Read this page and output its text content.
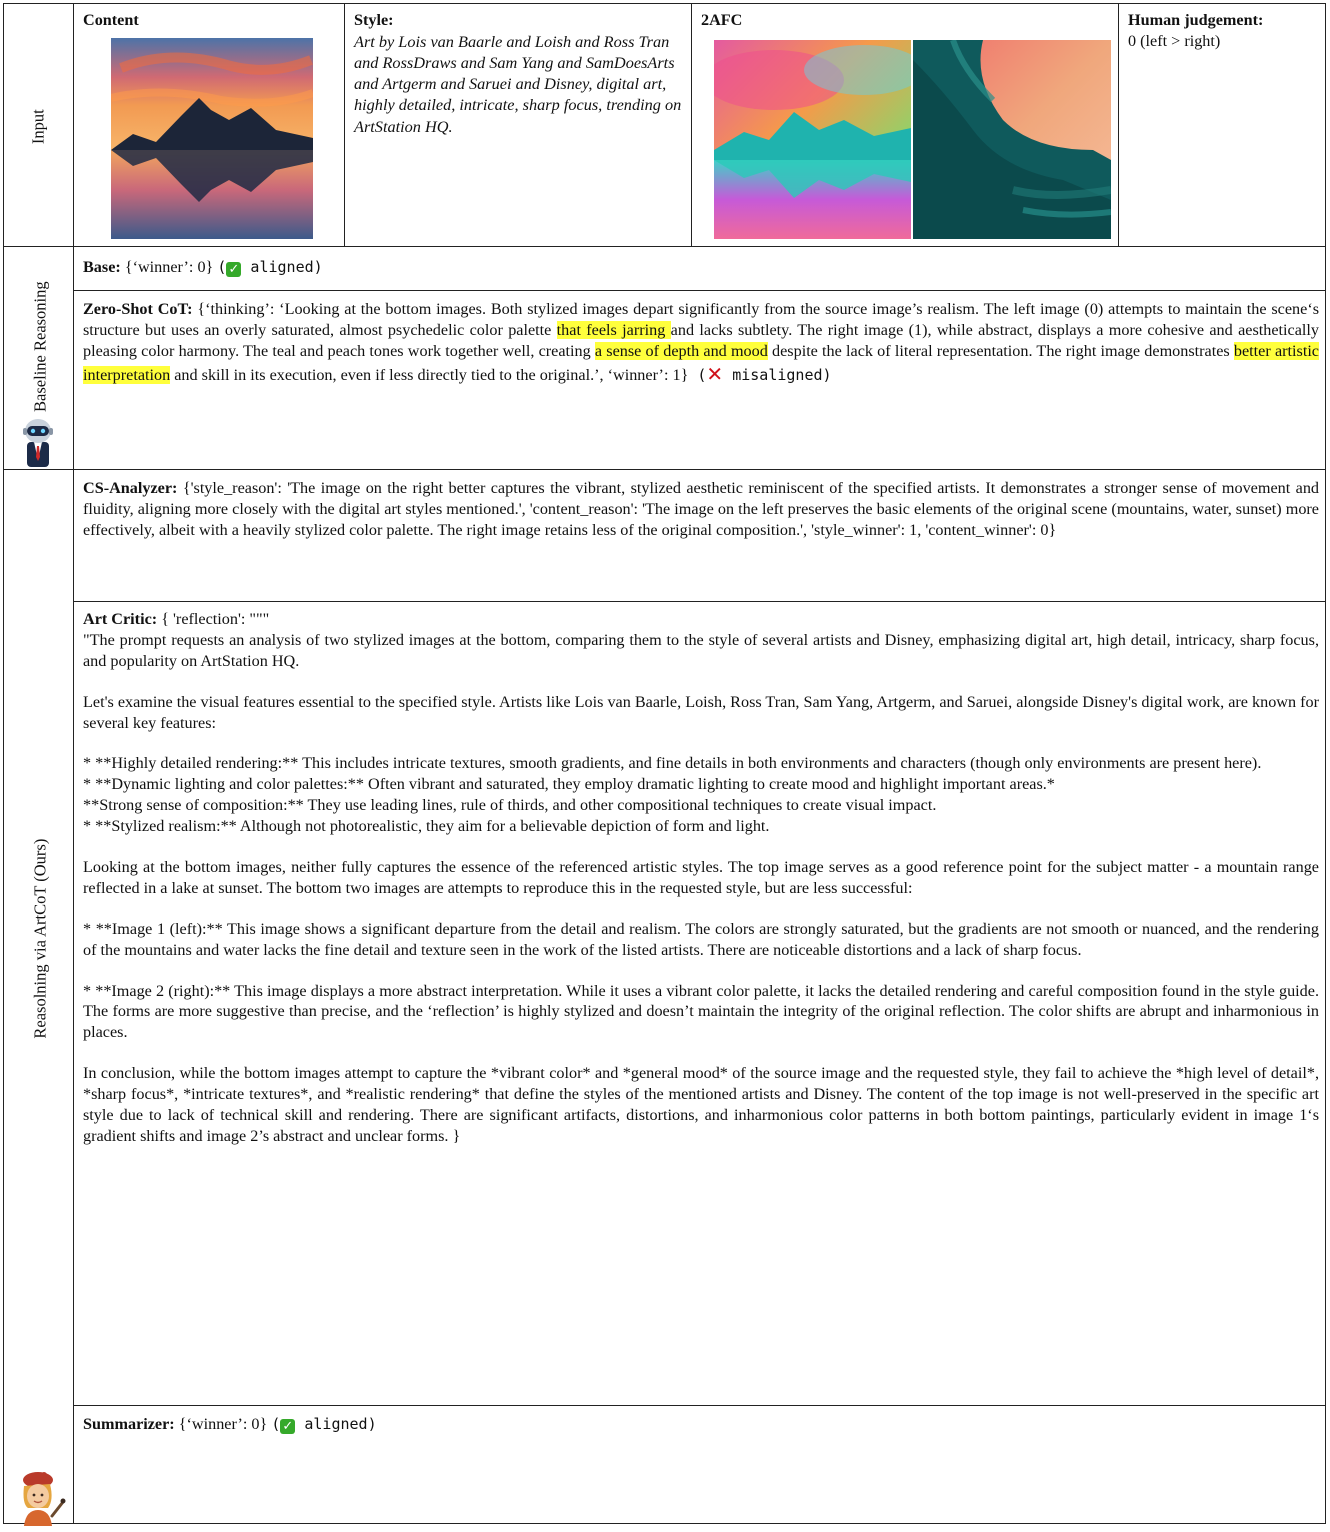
Input
Baseline Reasoning
Reasolning via ArtCoT (Ours)
Content	Style:
Art by Lois van Baarle and Loish and Ross Tran and RossDraws and Sam Yang and SamDoesArts and Artgerm and Saruei and Disney, digital art, highly detailed, intricate, sharp focus, trending on ArtStation HQ.
2AFC	Human judgement:
0 (left > right)
Base: {‘winner’: 0} ( ✓ aligned)

Zero-Shot CoT: {‘thinking’: ‘Looking at the bottom images. Both stylized images depart significantly from the source image’s realism. The left image (0) attempts to maintain the scene‘s structure but uses an overly saturated, almost psychedelic color palette that feels jarring and lacks subtlety. The right image (1), while abstract, displays a more cohesive and aesthetically pleasing color harmony. The teal and peach tones work together well, creating a sense of depth and mood despite the lack of literal representation. The right image demonstrates better artistic interpretation and skill in its execution, even if less directly tied to the original.’, ‘winner’: 1} (✕ misaligned)

CS-Analyzer: {'style_reason': 'The image on the right better captures the vibrant, stylized aesthetic reminiscent of the specified artists. It demonstrates a stronger sense of movement and fluidity, aligning more closely with the digital art styles mentioned.', 'content_reason': 'The image on the left preserves the basic elements of the original scene (mountains, water, sunset) more effectively, albeit with a heavily stylized color palette. The right image retains less of the original composition.', 'style_winner': 1, 'content_winner': 0}

Art Critic: { 'reflection': """

"The prompt requests an analysis of two stylized images at the bottom, comparing them to the style of several artists and Disney, emphasizing digital art, high detail, intricacy, sharp focus, and popularity on ArtStation HQ.

Let's examine the visual features essential to the specified style. Artists like Lois van Baarle, Loish, Ross Tran, Sam Yang, Artgerm, and Saruei, alongside Disney's digital work, are known for several key features:

* **Highly detailed rendering:** This includes intricate textures, smooth gradients, and fine details in both environments and characters (though only environments are present here).

* **Dynamic lighting and color palettes:** Often vibrant and saturated, they employ dramatic lighting to create mood and highlight important areas.*

**Strong sense of composition:** They use leading lines, rule of thirds, and other compositional techniques to create visual impact.

* **Stylized realism:** Although not photorealistic, they aim for a believable depiction of form and light.

Looking at the bottom images, neither fully captures the essence of the referenced artistic styles. The top image serves as a good reference point for the subject matter - a mountain range reflected in a lake at sunset. The bottom two images are attempts to reproduce this in the requested style, but are less successful:

* **Image 1 (left):** This image shows a significant departure from the detail and realism. The colors are strongly saturated, but the gradients are not smooth or nuanced, and the rendering of the mountains and water lacks the fine detail and texture seen in the work of the listed artists. There are noticeable distortions and a lack of sharp focus.

* **Image 2 (right):** This image displays a more abstract interpretation. While it uses a vibrant color palette, it lacks the detailed rendering and careful composition found in the style guide. The forms are more suggestive than precise, and the ‘reflection’ is highly stylized and doesn’t maintain the integrity of the original reflection. The color shifts are abrupt and inharmonious in places.

In conclusion, while the bottom images attempt to capture the *vibrant color* and *general mood* of the source image and the requested style, they fail to achieve the *high level of detail*, *sharp focus*, *intricate textures*, and *realistic rendering* that define the styles of the mentioned artists and Disney. The content of the top image is not well-preserved in the specific art style due to lack of technical skill and rendering. There are significant artifacts, distortions, and inharmonious color patterns in both bottom paintings, particularly evident in image 1‘s gradient shifts and image 2’s abstract and unclear forms. }

Summarizer: {‘winner’: 0} ( ✓ aligned)
